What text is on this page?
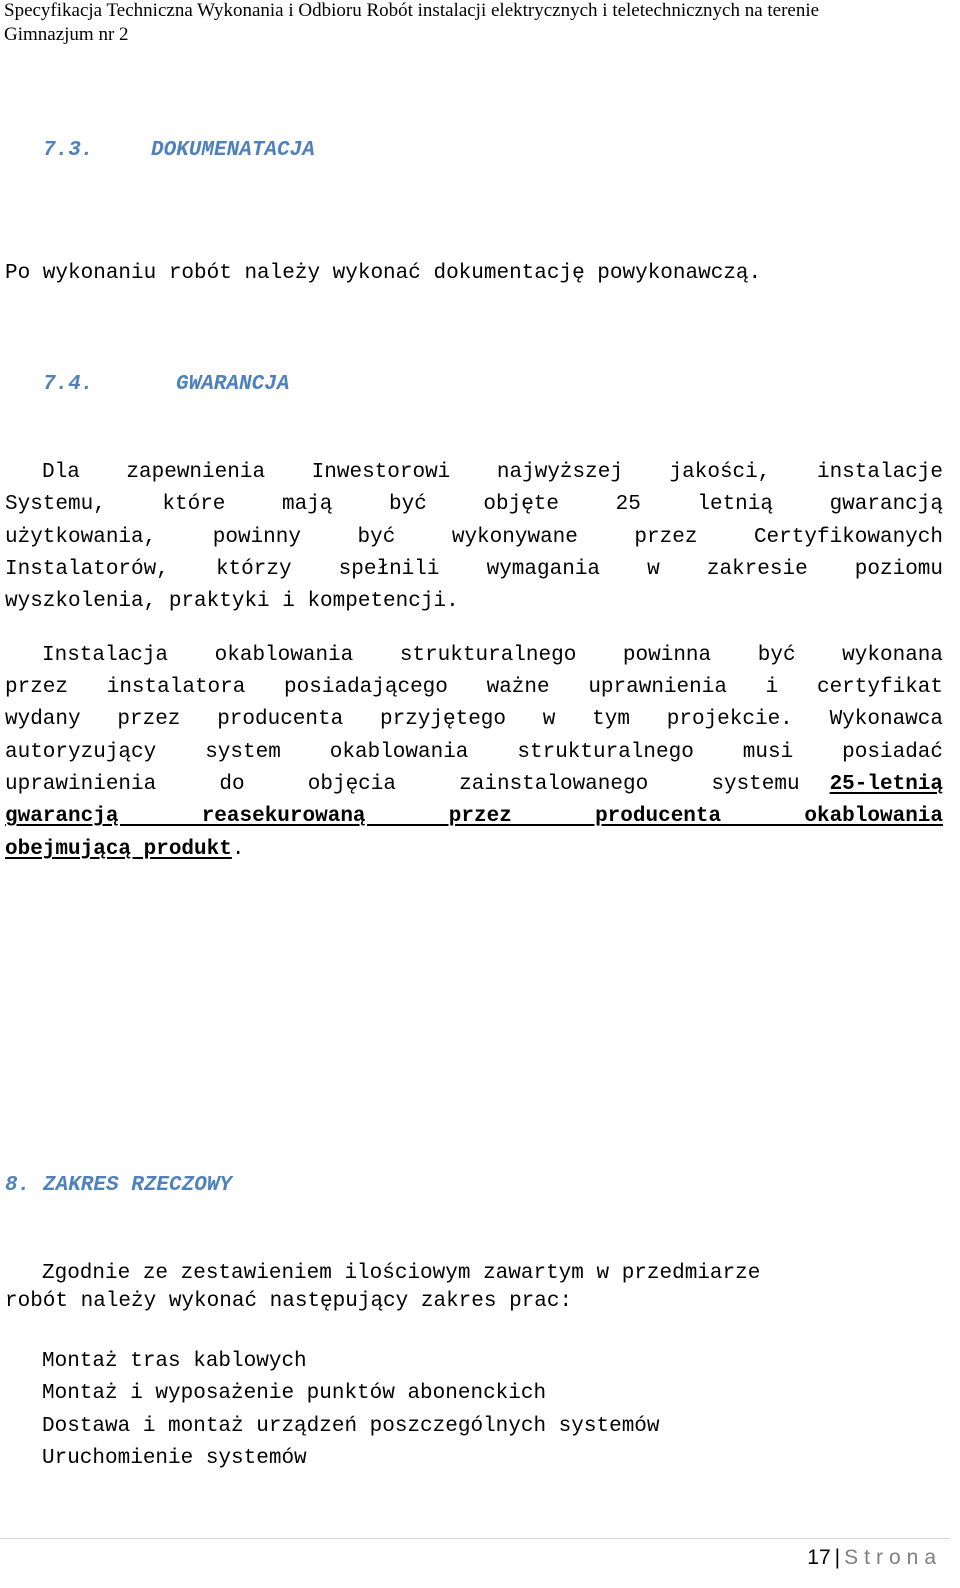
Specyfikacja Techniczna Wykonania i Odbioru Robót instalacji elektrycznych i teletechnicznych na terenie
Gimnazjum nr 2
7.3.	DOKUMENATACJA
Po wykonaniu robót należy wykonać dokumentację powykonawczą.
7.4.	GWARANCJA
Dla zapewnienia Inwestorowi najwyższej jakości, instalacje
Systemu, które mają być objęte 25 letnią gwarancją
użytkowania, powinny być wykonywane przez Certyfikowanych
Instalatorów, którzy spełnili wymagania w zakresie poziomu
wyszkolenia, praktyki i kompetencji.
Instalacja okablowania strukturalnego powinna być wykonana
przez instalatora posiadającego ważne uprawnienia i certyfikat
wydany przez producenta przyjętego w tym projekcie. Wykonawca
autoryzujący system okablowania strukturalnego musi posiadać
uprawinienia do objęcia zainstalowanego systemu 25-letnią
gwarancją reasekurowaną przez producenta okablowania
obejmującą produkt.
8. ZAKRES RZECZOWY
Zgodnie ze zestawieniem ilościowym zawartym w przedmiarze
robót należy wykonać następujący zakres prac:
Montaż tras kablowych
Montaż i wyposażenie punktów abonenckich
Dostawa i montaż urządzeń poszczególnych systemów
Uruchomienie systemów
17 | Strona
